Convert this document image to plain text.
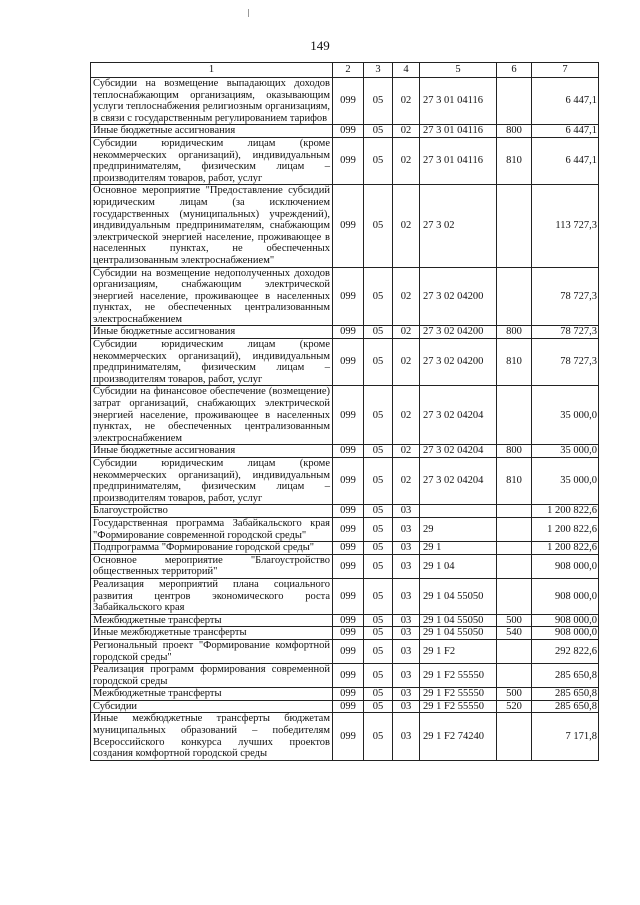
149
1	2	3	4	5	6	7
Субсидии на возмещение выпадающих доходов теплоснабжающим организациям, оказывающим услуги теплоснабжения религиозным организациям, в связи с государственным регулированием тарифов	099	05	02	27 3 01 04116		6 447,1
Иные бюджетные ассигнования	099	05	02	27 3 01 04116	800	6 447,1
Субсидии юридическим лицам (кроме некоммерческих организаций), индивидуальным предпринимателям, физическим лицам – производителям товаров, работ, услуг	099	05	02	27 3 01 04116	810	6 447,1
Основное мероприятие "Предоставление субсидий юридическим лицам (за исключением государственных (муниципальных) учреждений), индивидуальным предпринимателям, снабжающим электрической энергией население, проживающее в населенных пунктах, не обеспеченных централизованным электроснабжением"	099	05	02	27 3 02		113 727,3
Субсидии на возмещение недополученных доходов организациям, снабжающим электрической энергией население, проживающее в населенных пунктах, не обеспеченных централизованным электроснабжением	099	05	02	27 3 02 04200		78 727,3
Иные бюджетные ассигнования	099	05	02	27 3 02 04200	800	78 727,3
Субсидии юридическим лицам (кроме некоммерческих организаций), индивидуальным предпринимателям, физическим лицам – производителям товаров, работ, услуг	099	05	02	27 3 02 04200	810	78 727,3
Субсидии на финансовое обеспечение (возмещение) затрат организаций, снабжающих электрической энергией население, проживающее в населенных пунктах, не обеспеченных централизованным электроснабжением	099	05	02	27 3 02 04204		35 000,0
Иные бюджетные ассигнования	099	05	02	27 3 02 04204	800	35 000,0
Субсидии юридическим лицам (кроме некоммерческих организаций), индивидуальным предпринимателям, физическим лицам – производителям товаров, работ, услуг	099	05	02	27 3 02 04204	810	35 000,0
Благоустройство	099	05	03			1 200 822,6
Государственная программа Забайкальского края "Формирование современной городской среды"	099	05	03	29		1 200 822,6
Подпрограмма "Формирование городской среды"	099	05	03	29 1		1 200 822,6
Основное мероприятие "Благоустройство общественных территорий"	099	05	03	29 1 04		908 000,0
Реализация мероприятий плана социального развития центров экономического роста Забайкальского края	099	05	03	29 1 04 55050		908 000,0
Межбюджетные трансферты	099	05	03	29 1 04 55050	500	908 000,0
Иные межбюджетные трансферты	099	05	03	29 1 04 55050	540	908 000,0
Региональный проект "Формирование комфортной городской среды"	099	05	03	29 1 F2		292 822,6
Реализация программ формирования современной городской среды	099	05	03	29 1 F2 55550		285 650,8
Межбюджетные трансферты	099	05	03	29 1 F2 55550	500	285 650,8
Субсидии	099	05	03	29 1 F2 55550	520	285 650,8
Иные межбюджетные трансферты бюджетам муниципальных образований – победителям Всероссийского конкурса лучших проектов создания комфортной городской среды	099	05	03	29 1 F2 74240		7 171,8
